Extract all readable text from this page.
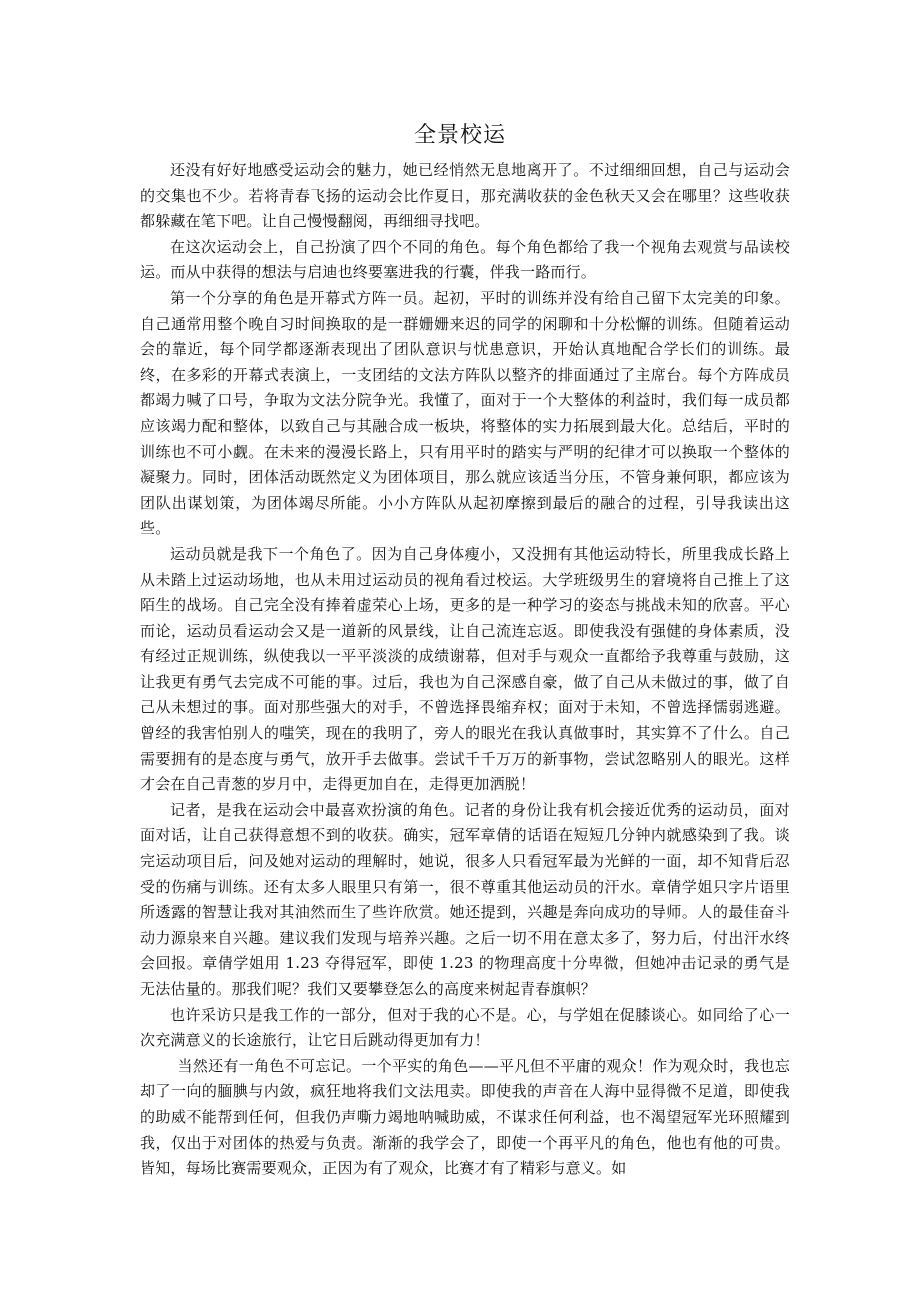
全景校运

还没有好好地感受运动会的魅力，她已经悄然无息地离开了。不过细细回想，自己与运动会的交集也不少。若将青春飞扬的运动会比作夏日，那充满收获的金色秋天又会在哪里？这些收获都躲藏在笔下吧。让自己慢慢翻阅，再细细寻找吧。

在这次运动会上，自己扮演了四个不同的角色。每个角色都给了我一个视角去观赏与品读校运。而从中获得的想法与启迪也终要塞进我的行囊，伴我一路而行。

第一个分享的角色是开幕式方阵一员。起初，平时的训练并没有给自己留下太完美的印象。自己通常用整个晚自习时间换取的是一群姗姗来迟的同学的闲聊和十分松懈的训练。但随着运动会的靠近，每个同学都逐渐表现出了团队意识与忧患意识，开始认真地配合学长们的训练。最终，在多彩的开幕式表演上，一支团结的文法方阵队以整齐的排面通过了主席台。每个方阵成员都竭力喊了口号，争取为文法分院争光。我懂了，面对于一个大整体的利益时，我们每一成员都应该竭力配和整体，以致自己与其融合成一板块，将整体的实力拓展到最大化。总结后，平时的训练也不可小觑。在未来的漫漫长路上，只有用平时的踏实与严明的纪律才可以换取一个整体的凝聚力。同时，团体活动既然定义为团体项目，那么就应该适当分压，不管身兼何职，都应该为团队出谋划策，为团体竭尽所能。小小方阵队从起初摩擦到最后的融合的过程，引导我读出这些。

运动员就是我下一个角色了。因为自己身体瘦小，又没拥有其他运动特长，所里我成长路上从未踏上过运动场地，也从未用过运动员的视角看过校运。大学班级男生的窘境将自己推上了这陌生的战场。自己完全没有捧着虚荣心上场，更多的是一种学习的姿态与挑战未知的欣喜。平心而论，运动员看运动会又是一道新的风景线，让自己流连忘返。即使我没有强健的身体素质，没有经过正规训练，纵使我以一平平淡淡的成绩谢幕，但对手与观众一直都给予我尊重与鼓励，这让我更有勇气去完成不可能的事。过后，我也为自己深感自豪，做了自己从未做过的事，做了自己从未想过的事。面对那些强大的对手，不曾选择畏缩弃权；面对于未知，不曾选择懦弱逃避。曾经的我害怕别人的嗤笑，现在的我明了，旁人的眼光在我认真做事时，其实算不了什么。自己需要拥有的是态度与勇气，放开手去做事。尝试千千万万的新事物，尝试忽略别人的眼光。这样才会在自己青葱的岁月中，走得更加自在，走得更加洒脱！

记者，是我在运动会中最喜欢扮演的角色。记者的身份让我有机会接近优秀的运动员，面对面对话，让自己获得意想不到的收获。确实，冠军章倩的话语在短短几分钟内就感染到了我。谈完运动项目后，问及她对运动的理解时，她说，很多人只看冠军最为光鲜的一面，却不知背后忍受的伤痛与训练。还有太多人眼里只有第一，很不尊重其他运动员的汗水。章倩学姐只字片语里所透露的智慧让我对其油然而生了些许欣赏。她还提到，兴趣是奔向成功的导师。人的最佳奋斗动力源泉来自兴趣。建议我们发现与培养兴趣。之后一切不用在意太多了，努力后，付出汗水终会回报。章倩学姐用 1.23 夺得冠军，即使 1.23 的物理高度十分卑微，但她冲击记录的勇气是无法估量的。那我们呢？我们又要攀登怎么的高度来树起青春旗帜？

也许采访只是我工作的一部分，但对于我的心不是。心，与学姐在促膝谈心。如同给了心一次充满意义的长途旅行，让它日后跳动得更加有力！

当然还有一角色不可忘记。一个平实的角色——平凡但不平庸的观众！作为观众时，我也忘却了一向的腼腆与内敛，疯狂地将我们文法甩卖。即使我的声音在人海中显得微不足道，即使我的助威不能帮到任何，但我仍声嘶力竭地呐喊助威，不谋求任何利益，也不渴望冠军光环照耀到我，仅出于对团体的热爱与负责。渐渐的我学会了，即使一个再平凡的角色，他也有他的可贵。皆知，每场比赛需要观众，正因为有了观众，比赛才有了精彩与意义。如
